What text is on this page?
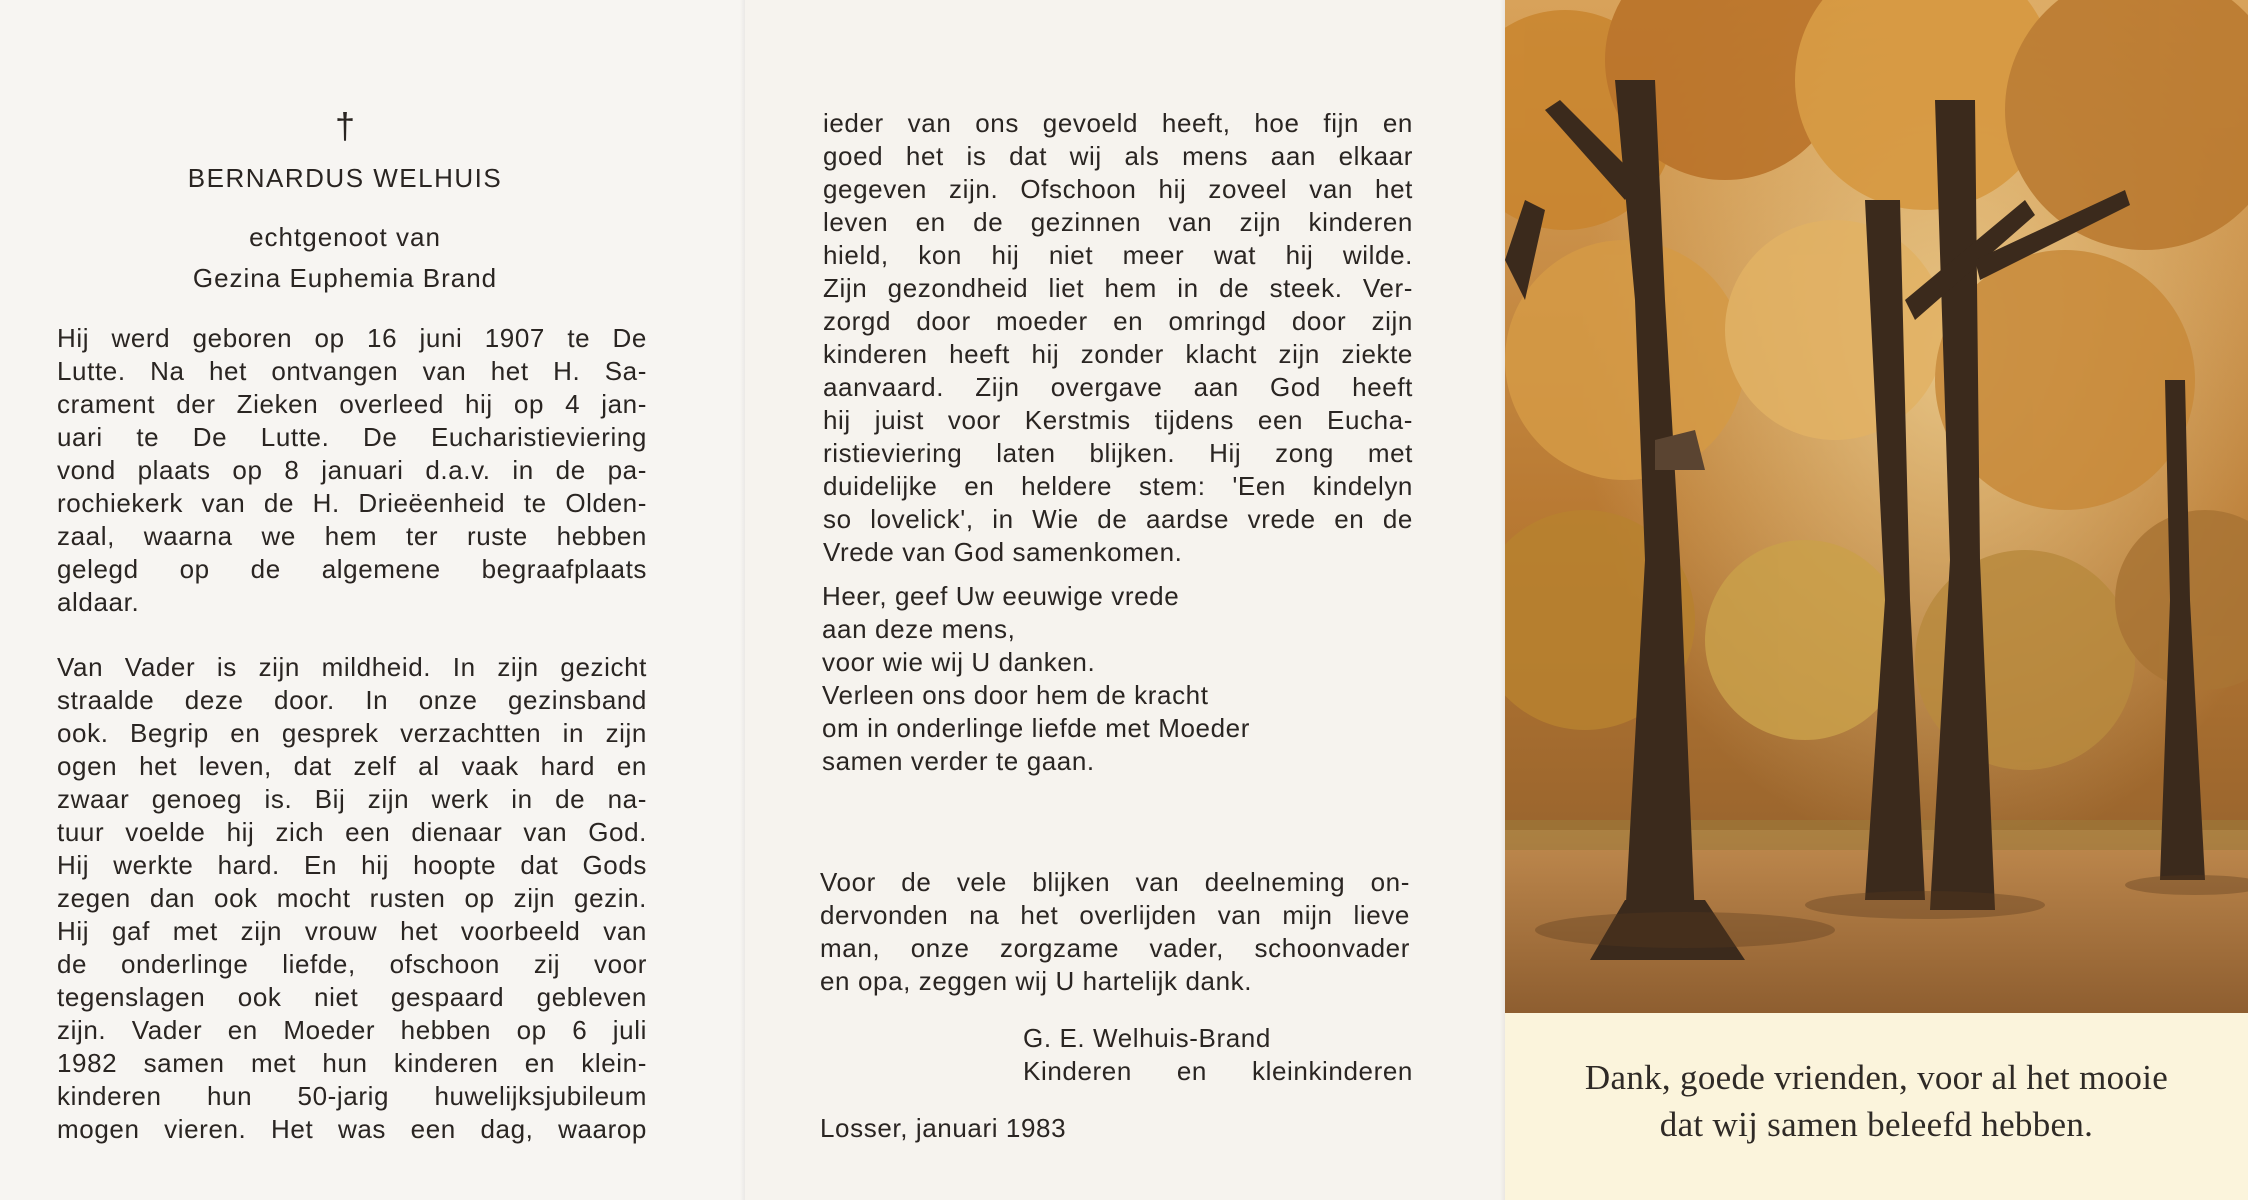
†
BERNARDUS WELHUIS
echtgenoot van
Gezina Euphemia Brand
Hij werd geboren op 16 juni 1907 te De
Lutte. Na het ontvangen van het H. Sa-
crament der Zieken overleed hij op 4 jan-
uari te De Lutte. De Eucharistieviering
vond plaats op 8 januari d.a.v. in de pa-
rochiekerk van de H. Drieëenheid te Olden-
zaal, waarna we hem ter ruste hebben
gelegd op de algemene begraafplaats
aldaar.
Van Vader is zijn mildheid. In zijn gezicht
straalde deze door. In onze gezinsband
ook. Begrip en gesprek verzachtten in zijn
ogen het leven, dat zelf al vaak hard en
zwaar genoeg is. Bij zijn werk in de na-
tuur voelde hij zich een dienaar van God.
Hij werkte hard. En hij hoopte dat Gods
zegen dan ook mocht rusten op zijn gezin.
Hij gaf met zijn vrouw het voorbeeld van
de onderlinge liefde, ofschoon zij voor
tegenslagen ook niet gespaard gebleven
zijn. Vader en Moeder hebben op 6 juli
1982 samen met hun kinderen en klein-
kinderen hun 50-jarig huwelijksjubileum
mogen vieren. Het was een dag, waarop
ieder van ons gevoeld heeft, hoe fijn en
goed het is dat wij als mens aan elkaar
gegeven zijn. Ofschoon hij zoveel van het
leven en de gezinnen van zijn kinderen
hield, kon hij niet meer wat hij wilde.
Zijn gezondheid liet hem in de steek. Ver-
zorgd door moeder en omringd door zijn
kinderen heeft hij zonder klacht zijn ziekte
aanvaard. Zijn overgave aan God heeft
hij juist voor Kerstmis tijdens een Eucha-
ristieviering laten blijken. Hij zong met
duidelijke en heldere stem: 'Een kindelyn
so lovelick', in Wie de aardse vrede en de
Vrede van God samenkomen.
Heer, geef Uw eeuwige vrede
aan deze mens,
voor wie wij U danken.
Verleen ons door hem de kracht
om in onderlinge liefde met Moeder
samen verder te gaan.
Voor de vele blijken van deelneming on-
dervonden na het overlijden van mijn lieve
man, onze zorgzame vader, schoonvader
en opa, zeggen wij U hartelijk dank.
G. E. Welhuis-Brand
Kinderen en kleinkinderen
Losser, januari 1983
Dank, goede vrienden, voor al het mooie
dat wij samen beleefd hebben.
